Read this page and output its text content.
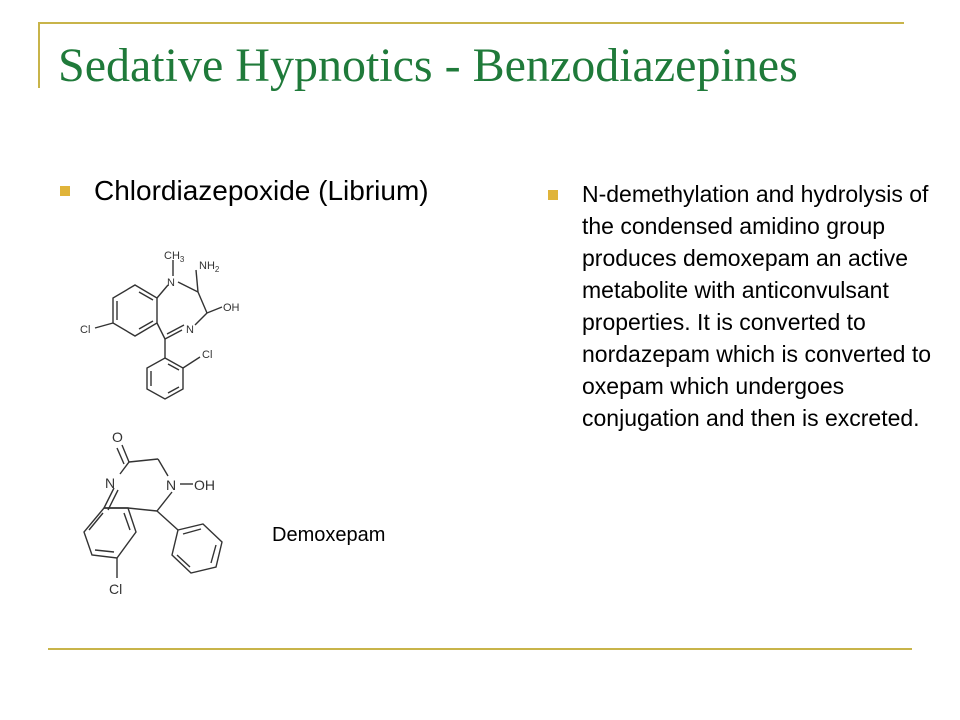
Sedative Hypnotics - Benzodiazepines
Chlordiazepoxide (Librium)	N-demethylation and hydrolysis of the condensed amidino group produces demoxepam an active metabolite with anticonvulsant properties. It is converted to nordazepam which is converted to oxepam which undergoes conjugation and then is excreted.
$CH_3$
$NH_2$
N
N
OH
Cl
Cl
O
N	N OH
Cl
Demoxepam
